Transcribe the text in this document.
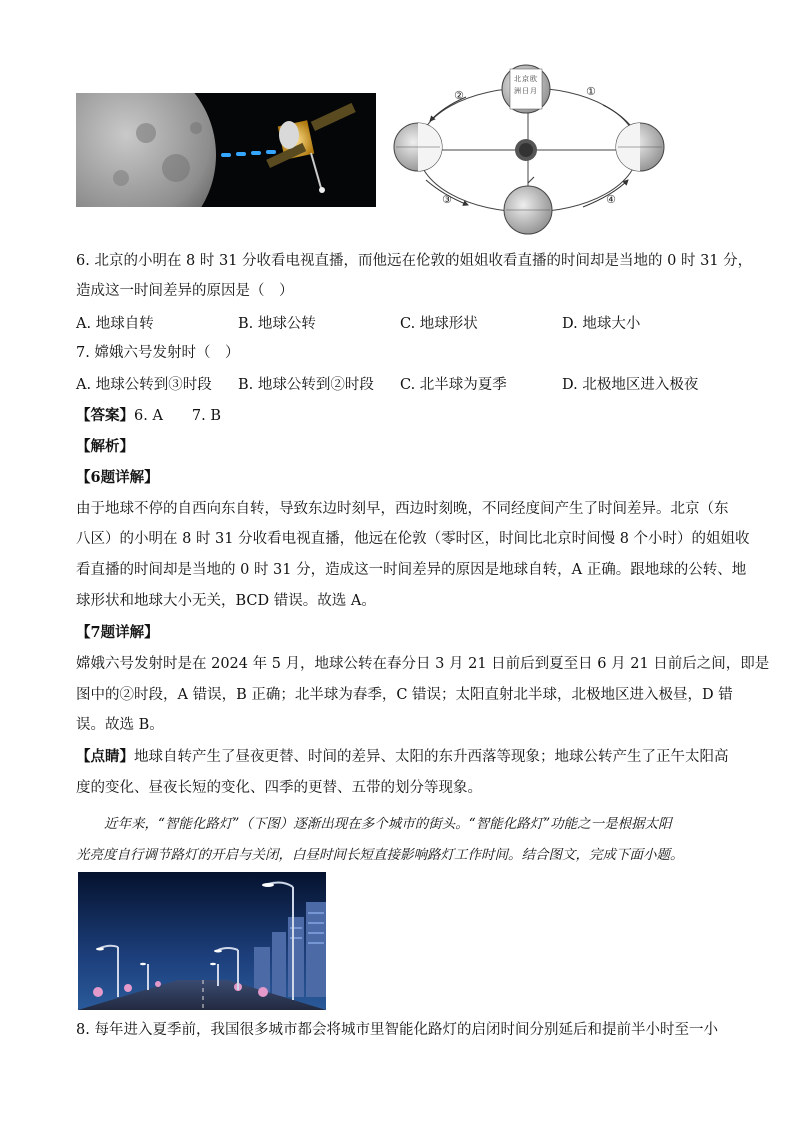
北 京 欧
洲 日 月	①
②
③	④
6. 北京的小明在 8 时 31 分收看电视直播，而他远在伦敦的姐姐收看直播的时间却是当地的 0 时 31 分，
造成这一时间差异的原因是（　）
A. 地球自转	B. 地球公转	C. 地球形状	D. 地球大小
7. 嫦娥六号发射时（　）
A. 地球公转到③时段 B. 地球公转到②时段 C. 北半球为夏季	D. 北极地区进入极夜
【答案】6. A　　7. B
【解析】
【6题详解】
由于地球不停的自西向东自转，导致东边时刻早，西边时刻晚，不同经度间产生了时间差异。北京（东
八区）的小明在 8 时 31 分收看电视直播，他远在伦敦（零时区，时间比北京时间慢 8 个小时）的姐姐收
看直播的时间却是当地的 0 时 31 分，造成这一时间差异的原因是地球自转，A 正确。跟地球的公转、地
球形状和地球大小无关，BCD 错误。故选 A。
【7题详解】
嫦娥六号发射时是在 2024 年 5 月，地球公转在春分日 3 月 21 日前后到夏至日 6 月 21 日前后之间，即是
图中的②时段，A 错误，B 正确；北半球为春季，C 错误；太阳直射北半球，北极地区进入极昼，D 错
误。故选 B。
【点睛】地球自转产生了昼夜更替、时间的差异、太阳的东升西落等现象；地球公转产生了正午太阳高
度的变化、昼夜长短的变化、四季的更替、五带的划分等现象。
近年来，“智能化路灯”（下图）逐渐出现在多个城市的街头。“智能化路灯”功能之一是根据太阳
光亮度自行调节路灯的开启与关闭，白昼时间长短直接影响路灯工作时间。结合图文，完成下面小题。
8. 每年进入夏季前，我国很多城市都会将城市里智能化路灯的启闭时间分别延后和提前半小时至一小
